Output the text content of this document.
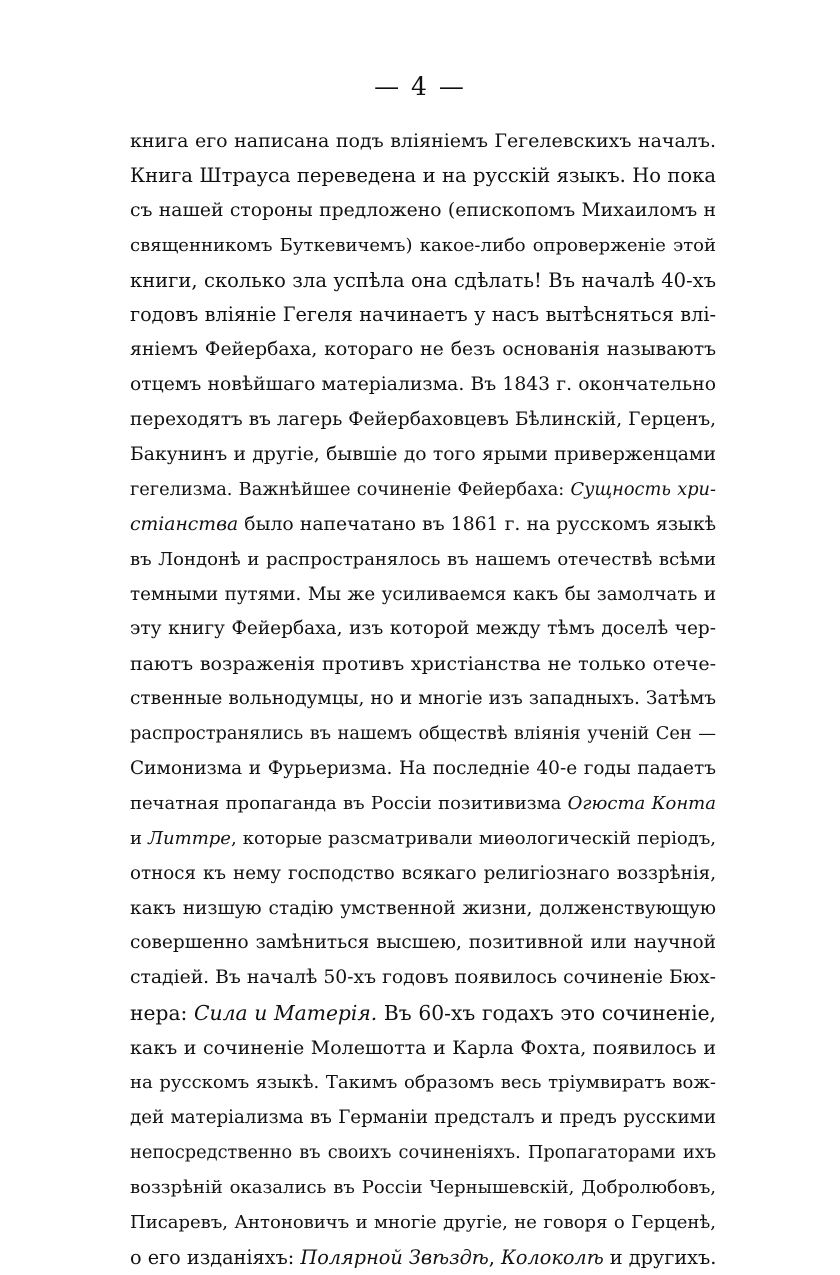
— 4 —
книга его написана подъ влiянiемъ Гегелевскихъ началъ.
Книга Штрауса переведена и на русскiй языкъ. Но пока
съ нашей стороны предложено (епископомъ Михаиломъ н
священникомъ Буткевичемъ) какое-либо опроверженiе этой
книги, сколько зла успѣла она сдѣлать! Въ началѣ 40-хъ
годовъ влiянiе Гегеля начинаетъ у насъ вытѣсняться влi-
янiемъ Фейербаха, котораго не безъ основанiя называютъ
отцемъ новѣйшаго матерiализма. Въ 1843 г. окончательно
переходятъ въ лагерь Фейербаховцевъ Бѣлинскiй, Герценъ,
Бакунинъ и другiе, бывшiе до того ярыми приверженцами
гегелизма. Важнѣйшее сочиненiе Фейербаха: Сущность хри-
стiанства было напечатано въ 1861 г. на русскомъ языкѣ
въ Лондонѣ и распространялось въ нашемъ отечествѣ всѣми
темными путями. Мы же усиливаемся какъ бы замолчать и
эту книгу Фейербаха, изъ которой между тѣмъ доселѣ чер-
паютъ возраженiя противъ христiанства не только отече-
ственные вольнодумцы, но и многiе изъ западныхъ. Затѣмъ
распространялись въ нашемъ обществѣ влiянiя ученiй Сен —
Симонизма и Фурьеризма. На последнiе 40-е годы падаетъ
печатная пропаганда въ Россiи позитивизма Огюста Конта
и Литтре, которые разсматривали миѳологическiй перiодъ,
относя къ нему господство всякаго религiознаго воззрѣнiя,
какъ низшую стадiю умственной жизни, долженствующую
совершенно замѣниться высшею, позитивной или научной
стадiей. Въ началѣ 50-хъ годовъ появилось сочиненiе Бюх-
нера: Сила и Матерiя. Въ 60-хъ годахъ это сочиненiе,
какъ и сочиненiе Молешотта и Карла Фохта, появилось и
на русскомъ языкѣ. Такимъ образомъ весь трiумвиратъ вож-
дей матерiализма въ Германiи предсталъ и предъ русскими
непосредственно въ своихъ сочиненiяхъ. Пропагаторами ихъ
воззрѣнiй оказались въ Россiи Чернышевскiй, Добролюбовъ,
Писаревъ, Антоновичъ и многiе другiе, не говоря о Герценѣ,
о его изданiяхъ: Полярной Звѣздѣ, Колоколѣ и другихъ.
